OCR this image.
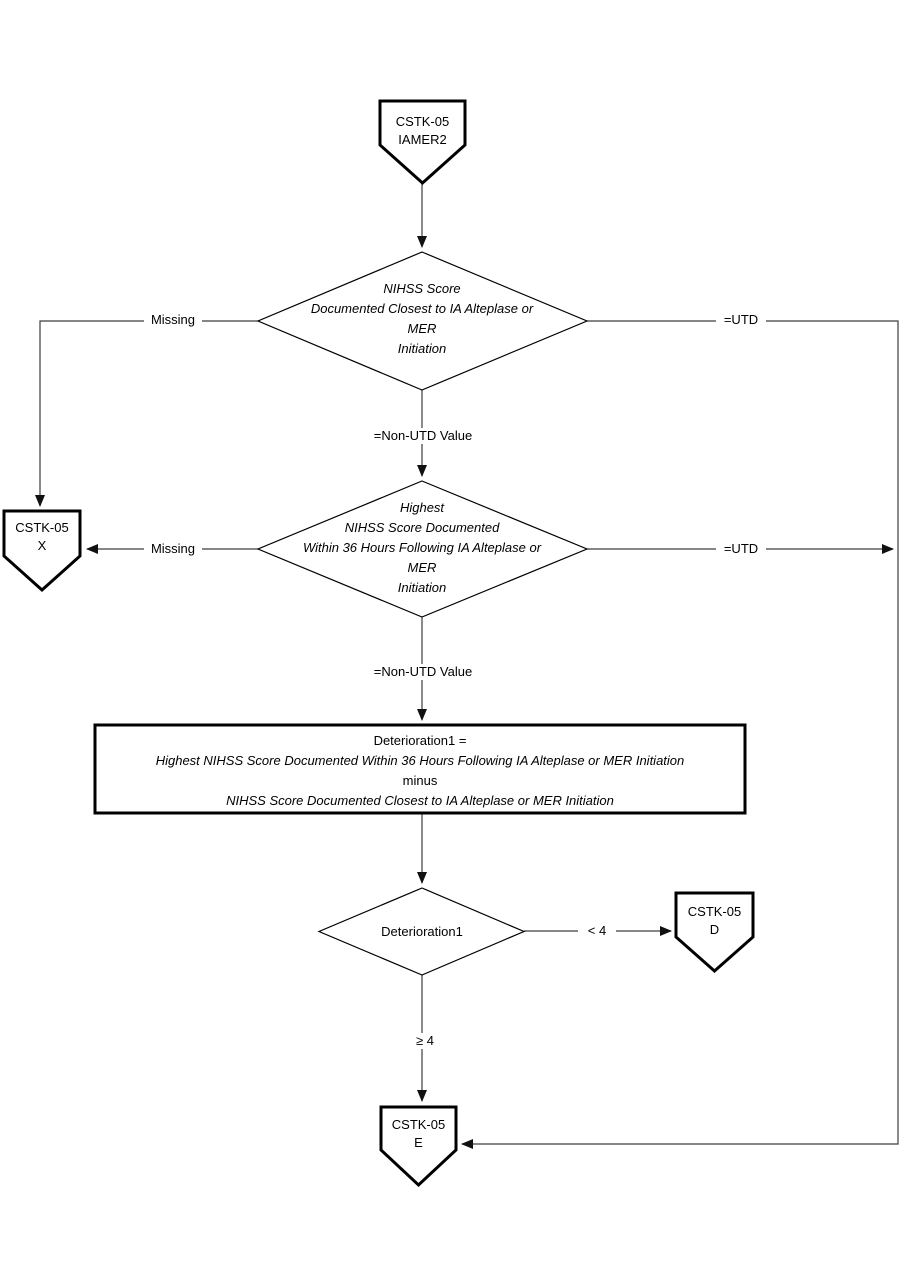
CSTK-05
IAMER2
NIHSS Score
Documented Closest to IA Alteplase or
MER
Initiation
CSTK-05
X
Highest
NIHSS Score Documented
Within 36 Hours Following IA Alteplase or
MER
Initiation
Deterioration1 =
Highest NIHSS Score Documented Within 36 Hours Following IA Alteplase or MER Initiation
minus
NIHSS Score Documented Closest to IA Alteplase or MER Initiation
Deterioration1
CSTK-05
D
CSTK-05
E
Missing	=UTD
=Non-UTD Value
Missing	=UTD
=Non-UTD Value
< 4
≥ 4
